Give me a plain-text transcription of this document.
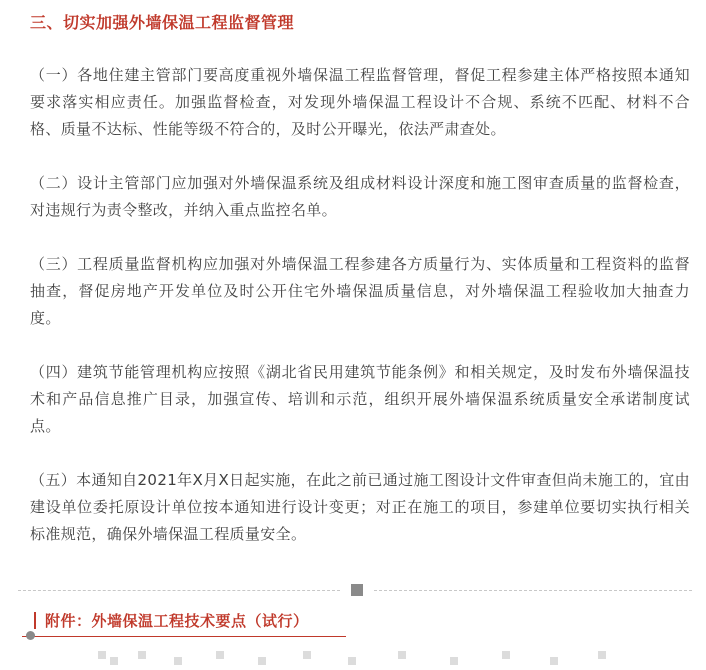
三、切实加强外墙保温工程监督管理
（一）各地住建主管部门要高度重视外墙保温工程监督管理，督促工程参建主体严格按照本通知要求落实相应责任。加强监督检查，对发现外墙保温工程设计不合规、系统不匹配、材料不合格、质量不达标、性能等级不符合的，及时公开曝光，依法严肃查处。
（二）设计主管部门应加强对外墙保温系统及组成材料设计深度和施工图审查质量的监督检查，对违规行为责令整改，并纳入重点监控名单。
（三）工程质量监督机构应加强对外墙保温工程参建各方质量行为、实体质量和工程资料的监督抽查，督促房地产开发单位及时公开住宅外墙保温质量信息，对外墙保温工程验收加大抽查力度。
（四）建筑节能管理机构应按照《湖北省民用建筑节能条例》和相关规定，及时发布外墙保温技术和产品信息推广目录，加强宣传、培训和示范，组织开展外墙保温系统质量安全承诺制度试点。
（五）本通知自2021年X月X日起实施，在此之前已通过施工图设计文件审查但尚未施工的，宜由建设单位委托原设计单位按本通知进行设计变更；对正在施工的项目，参建单位要切实执行相关标准规范，确保外墙保温工程质量安全。
附件：外墙保温工程技术要点（试行）
